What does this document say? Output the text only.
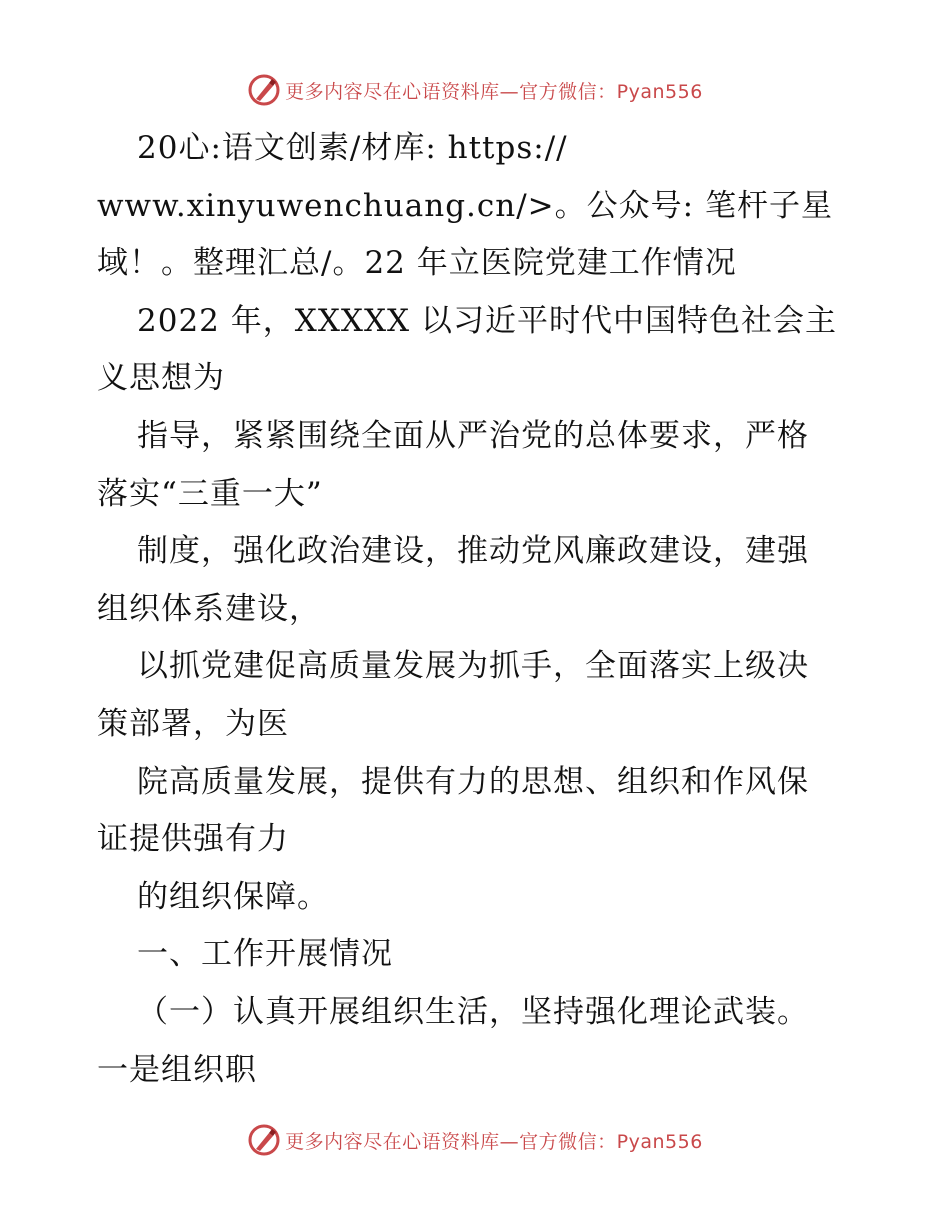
更多内容尽在心语资料库—官方微信：Pyan556
20心:语文创素/材库: https://
www.xinyuwenchuang.cn/>。公众号: 笔杆子星
域！。整理汇总/。22 年立医院党建工作情况
2022 年，XXXXX 以习近平时代中国特色社会主
义思想为
指导，紧紧围绕全面从严治党的总体要求，严格
落实“三重一大”
制度，强化政治建设，推动党风廉政建设，建强
组织体系建设，
以抓党建促高质量发展为抓手，全面落实上级决
策部署，为医
院高质量发展，提供有力的思想、组织和作风保
证提供强有力
的组织保障。
一、工作开展情况
（一）认真开展组织生活，坚持强化理论武装。
一是组织职
更多内容尽在心语资料库—官方微信：Pyan556
